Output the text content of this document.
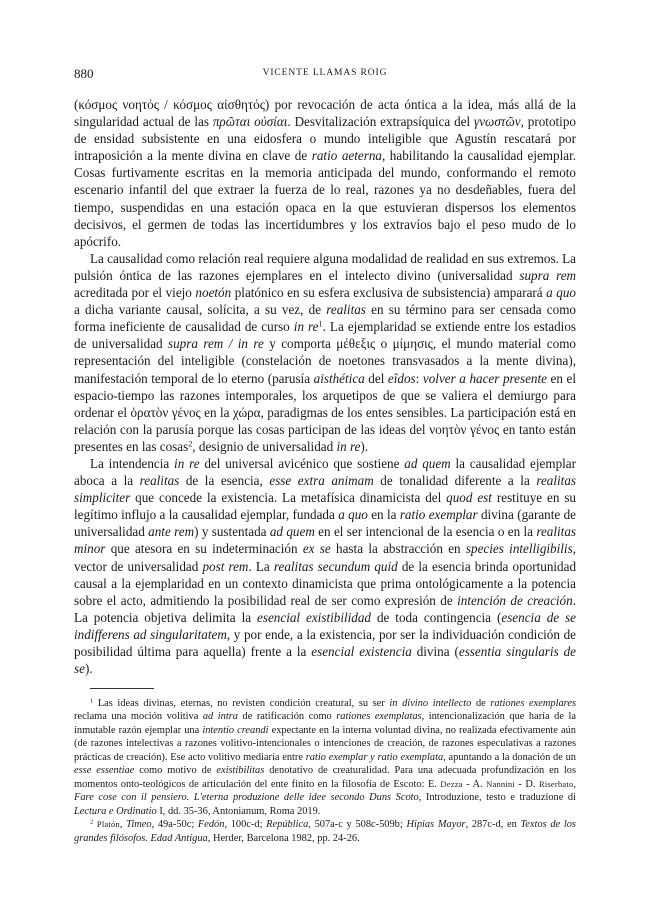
880	VICENTE LLAMAS ROIG

(κόσμος νοητός / κόσμος αἰσθητός) por revocación de acta óntica a la idea, más allá de la singularidad actual de las πρῶται οὐσίαι. Desvitalización extrapsíquica del γνωστῶν, prototipo de ensidad subsistente en una eidosfera o mundo inteligible que Agustín rescatará por intraposición a la mente divina en clave de ratio aeterna, habilitando la causalidad ejemplar. Cosas furtivamente escritas en la memoria anticipada del mundo, conformando el remoto escenario infantil del que extraer la fuerza de lo real, razones ya no desdeñables, fuera del tiempo, suspendidas en una estación opaca en la que estuvieran dispersos los elementos decisivos, el germen de todas las incertidumbres y los extravíos bajo el peso mudo de lo apócrifo.

La causalidad como relación real requiere alguna modalidad de realidad en sus extremos. La pulsión óntica de las razones ejemplares en el intelecto divino (universalidad supra rem acreditada por el viejo noetón platónico en su esfera exclusiva de subsistencia) amparará a quo a dicha variante causal, solícita, a su vez, de realitas en su término para ser censada como forma ineficiente de causalidad de curso in $re^1$. La ejemplaridad se extiende entre los estadios de universalidad supra rem / in re y comporta μέθεξις o μίμησις, el mundo material como representación del inteligible (constelación de noetones transvasados a la mente divina), manifestación temporal de lo eterno (parusía aisthética del eîdos: volver a hacer presente en el espacio-tiempo las razones intemporales, los arquetipos de que se valiera el demiurgo para ordenar el ὁρατὸν γένος en la χώρα, paradigmas de los entes sensibles. La participación está en relación con la parusía porque las cosas participan de las ideas del νοητὸν γένος en tanto están presentes en las cosas$^2$, designio de universalidad in re).

La intendencia in re del universal avicénico que sostiene ad quem la causalidad ejemplar aboca a la realitas de la esencia, esse extra animam de tonalidad diferente a la realitas simpliciter que concede la existencia. La metafísica dinamicista del quod est restituye en su legítimo influjo a la causalidad ejemplar, fundada a quo en la ratio exemplar divina (garante de universalidad ante rem) y sustentada ad quem en el ser intencional de la esencia o en la realitas minor que atesora en su indeterminación ex se hasta la abstracción en species intelligibilis, vector de universalidad post rem. La realitas secundum quid de la esencia brinda oportunidad causal a la ejemplaridad en un contexto dinamicista que prima ontológicamente a la potencia sobre el acto, admitiendo la posibilidad real de ser como expresión de intención de creación. La potencia objetiva delimita la esencial existibilidad de toda contingencia (esencia de se indifferens ad singularitatem, y por ende, a la existencia, por ser la individuación condición de posibilidad última para aquella) frente a la esencial existencia divina (essentia singularis de se).

$^1$ Las ideas divinas, eternas, no revisten condición creatural, su ser in divino intellecto de rationes exemplares reclama una moción volitiva ad intra de ratificación como rationes exemplatas, intencionalización que haría de la inmutable razón ejemplar una intentio creandi expectante en la interna voluntad divina, no realizada efectivamente aún (de razones intelectivas a razones volitivo-intencionales o intenciones de creación, de razones especulativas a razones prácticas de creación). Ese acto volitivo mediaría entre ratio exemplar y ratio exemplata, apuntando a la donación de un esse essentiae como motivo de existibilitas denotativo de creaturalidad. Para una adecuada profundización en los momentos onto-teológicos de articulación del ente finito en la filosofía de Escoto: E. Dezza - A. Nannini - D. Riserbato, Fare cose con il pensiero. L'eterna produzione delle idee secondo Duns Scoto, Introduzione, testo e traduzione di Lectura e Ordinatio I, dd. 35-36, Antonianum, Roma 2019.

$^2$ Platón, Timeo, 49a-50c; Fedón, 100c-d; República, 507a-c y 508c-509b; Hipias Mayor, 287c-d, en Textos de los grandes filósofos. Edad Antigua, Herder, Barcelona 1982, pp. 24-26.
